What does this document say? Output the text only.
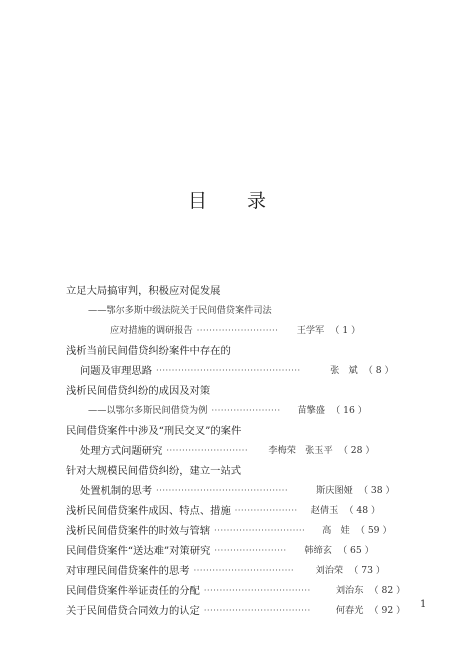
目 录
立足大局搞审判，积极应对促发展
——鄂尔多斯中级法院关于民间借贷案件司法
应对措施的调研报告 ··························	王学军 （ 1 ）
浅析当前民间借贷纠纷案件中存在的
问题及审理思路 ··············································	张　斌 （ 8 ）
浅析民间借贷纠纷的成因及对策
——以鄂尔多斯民间借贷为例 ······················	苗擎盛 （ 16 ）
民间借贷案件中涉及“刑民交叉”的案件
处理方式问题研究 ··························	李梅荣　张玉平 （ 28 ）
针对大规模民间借贷纠纷，建立一站式
处置机制的思考 ··········································	斯庆图娅 （ 38 ）
浅析民间借贷案件成因、特点、措施 ····················	赵倩玉 （ 48 ）
浅析民间借贷案件的时效与管辖 ·····························	高　娃 （ 59 ）
民间借贷案件“送达难”对策研究 ·······················	韩缔玄 （ 65 ）
对审理民间借贷案件的思考 ································	刘治荣 （ 73 ）
民间借贷案件举证责任的分配 ··································	刘治东 （ 82 ）
关于民间借贷合同效力的认定 ··································	何春光 （ 92 ）
1
